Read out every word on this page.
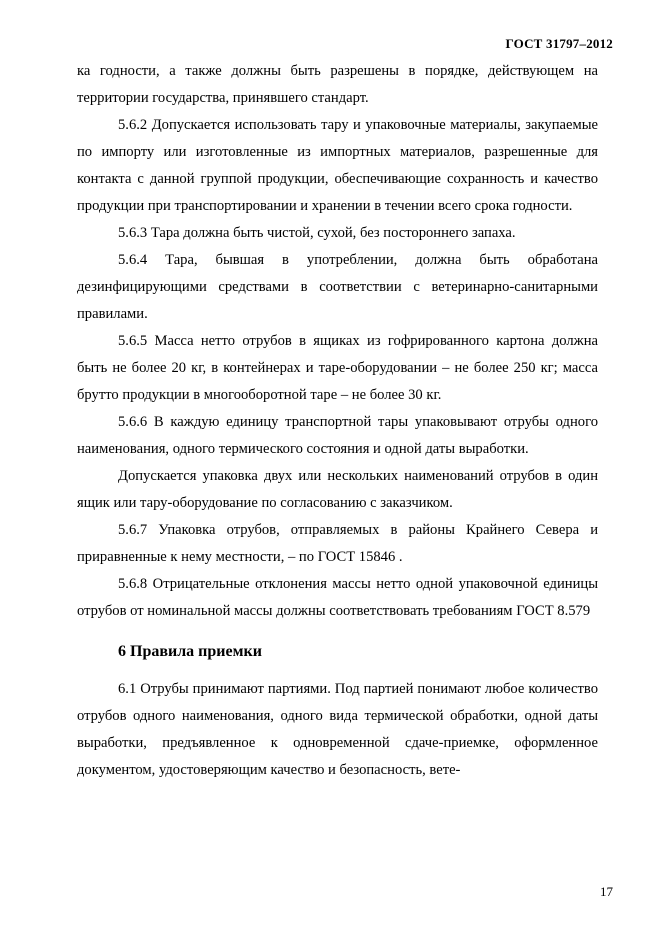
ГОСТ 31797–2012

ка годности, а также должны быть разрешены в порядке, действующем на территории государства, принявшего стандарт.

5.6.2 Допускается использовать тару и упаковочные материалы, закупаемые по импорту или изготовленные из импортных материалов, разрешенные для контакта с данной группой продукции, обеспечивающие сохранность и качество продукции при транспортировании и хранении в течении всего срока годности.

5.6.3 Тара должна быть чистой, сухой, без постороннего запаха.

5.6.4 Тара, бывшая в употреблении, должна быть обработана дезинфицирующими средствами в соответствии с ветеринарно-санитарными правилами.

5.6.5 Масса нетто отрубов в ящиках из гофрированного картона должна быть не более 20 кг, в контейнерах и таре-оборудовании – не более 250 кг; масса брутто продукции в многооборотной таре – не более 30 кг.

5.6.6 В каждую единицу транспортной тары упаковывают отрубы одного наименования, одного термического состояния и одной даты выработки.

Допускается упаковка двух или нескольких наименований отрубов в один ящик или тару-оборудование по согласованию с заказчиком.

5.6.7 Упаковка отрубов, отправляемых в районы Крайнего Севера и приравненные к нему местности, – по ГОСТ 15846 .

5.6.8 Отрицательные отклонения массы нетто одной упаковочной единицы отрубов от номинальной массы должны соответствовать требованиям ГОСТ 8.579

6 Правила приемки

6.1 Отрубы принимают партиями. Под партией понимают любое количество отрубов одного наименования, одного вида термической обработки, одной даты выработки, предъявленное к одновременной сдаче-приемке, оформленное документом, удостоверяющим качество и безопасность, вете-

17
